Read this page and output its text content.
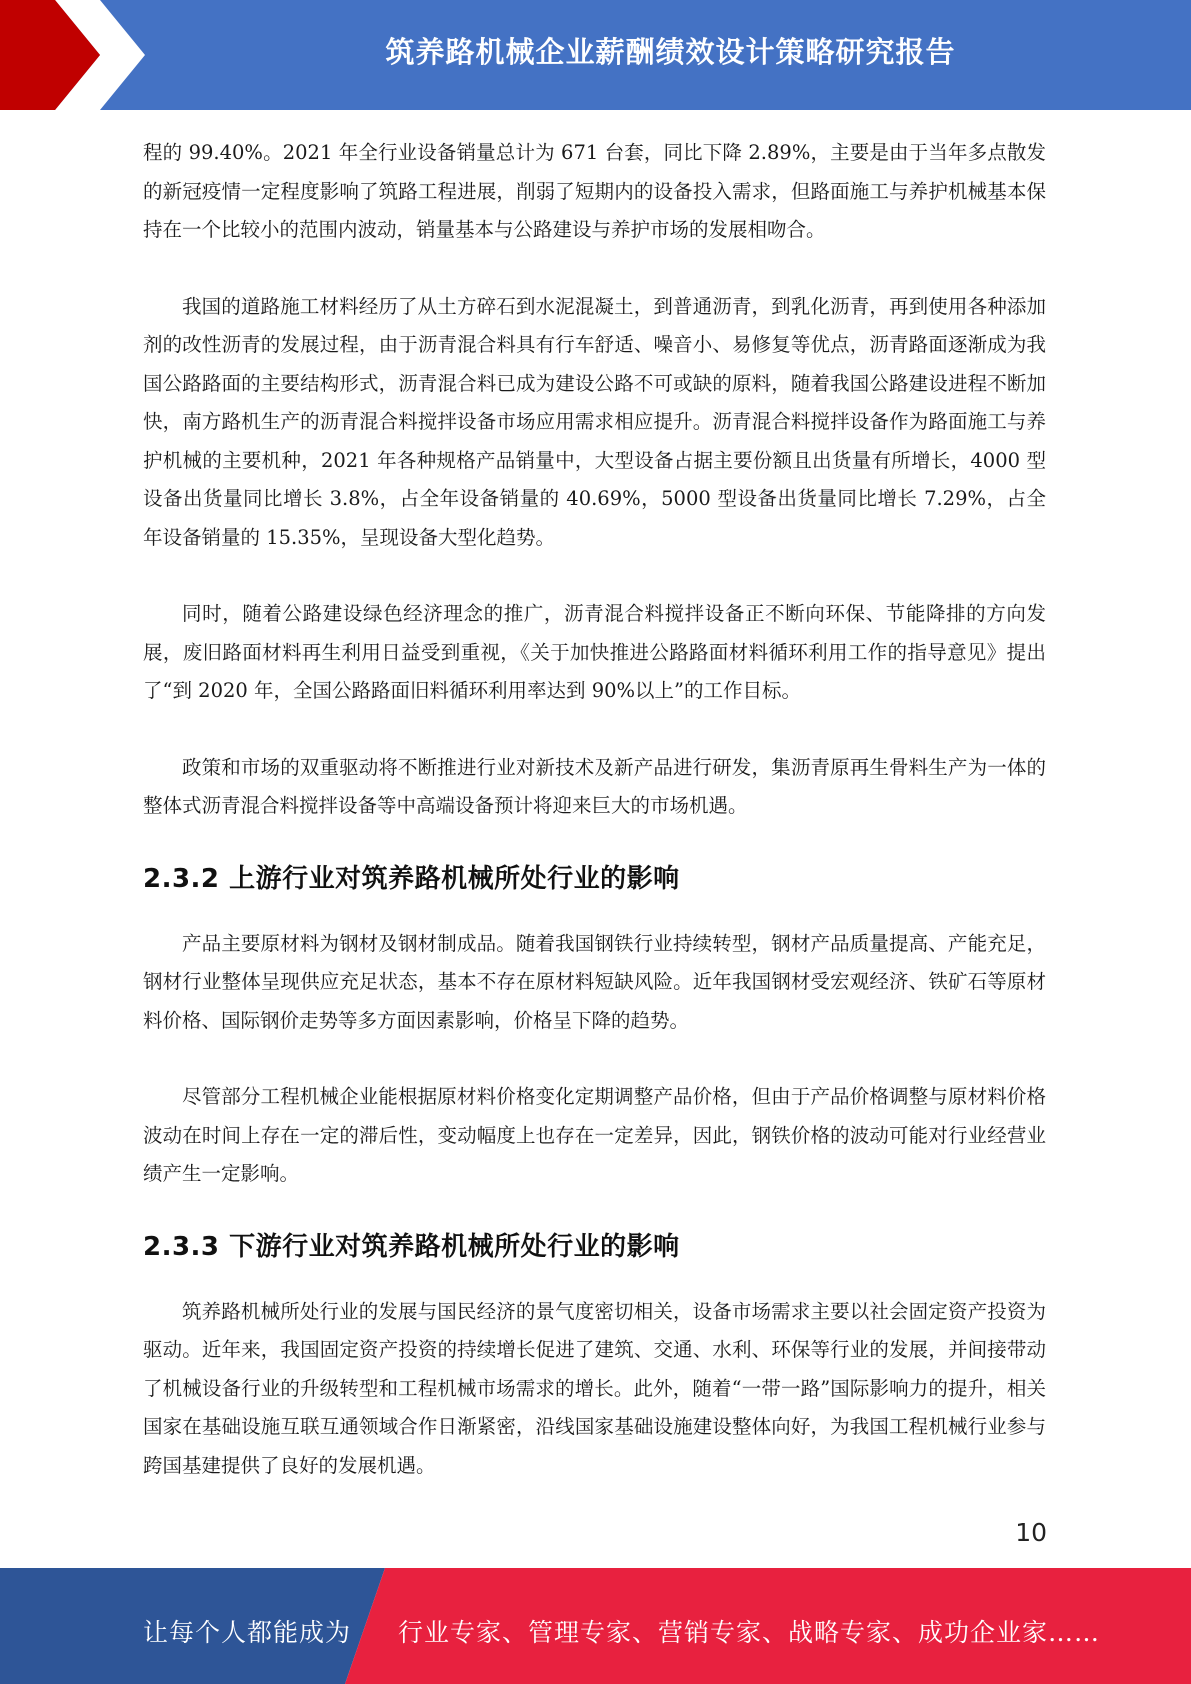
筑养路机械企业薪酬绩效设计策略研究报告

程的 99.40%。2021 年全行业设备销量总计为 671 台套，同比下降 2.89%，主要是由于当年多点散发的新冠疫情一定程度影响了筑路工程进展，削弱了短期内的设备投入需求，但路面施工与养护机械基本保持在一个比较小的范围内波动，销量基本与公路建设与养护市场的发展相吻合。

我国的道路施工材料经历了从土方碎石到水泥混凝土，到普通沥青，到乳化沥青，再到使用各种添加剂的改性沥青的发展过程，由于沥青混合料具有行车舒适、噪音小、易修复等优点，沥青路面逐渐成为我国公路路面的主要结构形式，沥青混合料已成为建设公路不可或缺的原料，随着我国公路建设进程不断加快，南方路机生产的沥青混合料搅拌设备市场应用需求相应提升。沥青混合料搅拌设备作为路面施工与养护机械的主要机种，2021 年各种规格产品销量中，大型设备占据主要份额且出货量有所增长，4000 型设备出货量同比增长 3.8%，占全年设备销量的 40.69%，5000 型设备出货量同比增长 7.29%，占全年设备销量的 15.35%，呈现设备大型化趋势。

同时，随着公路建设绿色经济理念的推广，沥青混合料搅拌设备正不断向环保、节能降排的方向发展，废旧路面材料再生利用日益受到重视，《关于加快推进公路路面材料循环利用工作的指导意见》提出了“到 2020 年，全国公路路面旧料循环利用率达到 90%以上”的工作目标。

政策和市场的双重驱动将不断推进行业对新技术及新产品进行研发，集沥青原再生骨料生产为一体的整体式沥青混合料搅拌设备等中高端设备预计将迎来巨大的市场机遇。

2.3.2 上游行业对筑养路机械所处行业的影响

产品主要原材料为钢材及钢材制成品。随着我国钢铁行业持续转型，钢材产品质量提高、产能充足，钢材行业整体呈现供应充足状态，基本不存在原材料短缺风险。近年我国钢材受宏观经济、铁矿石等原材料价格、国际钢价走势等多方面因素影响，价格呈下降的趋势。

尽管部分工程机械企业能根据原材料价格变化定期调整产品价格，但由于产品价格调整与原材料价格波动在时间上存在一定的滞后性，变动幅度上也存在一定差异，因此，钢铁价格的波动可能对行业经营业绩产生一定影响。

2.3.3 下游行业对筑养路机械所处行业的影响

筑养路机械所处行业的发展与国民经济的景气度密切相关，设备市场需求主要以社会固定资产投资为驱动。近年来，我国固定资产投资的持续增长促进了建筑、交通、水利、环保等行业的发展，并间接带动了机械设备行业的升级转型和工程机械市场需求的增长。此外，随着“一带一路”国际影响力的提升，相关国家在基础设施互联互通领域合作日渐紧密，沿线国家基础设施建设整体向好，为我国工程机械行业参与跨国基建提供了良好的发展机遇。

10
让每个人都能成为 行业专家、管理专家、营销专家、战略专家、成功企业家……
